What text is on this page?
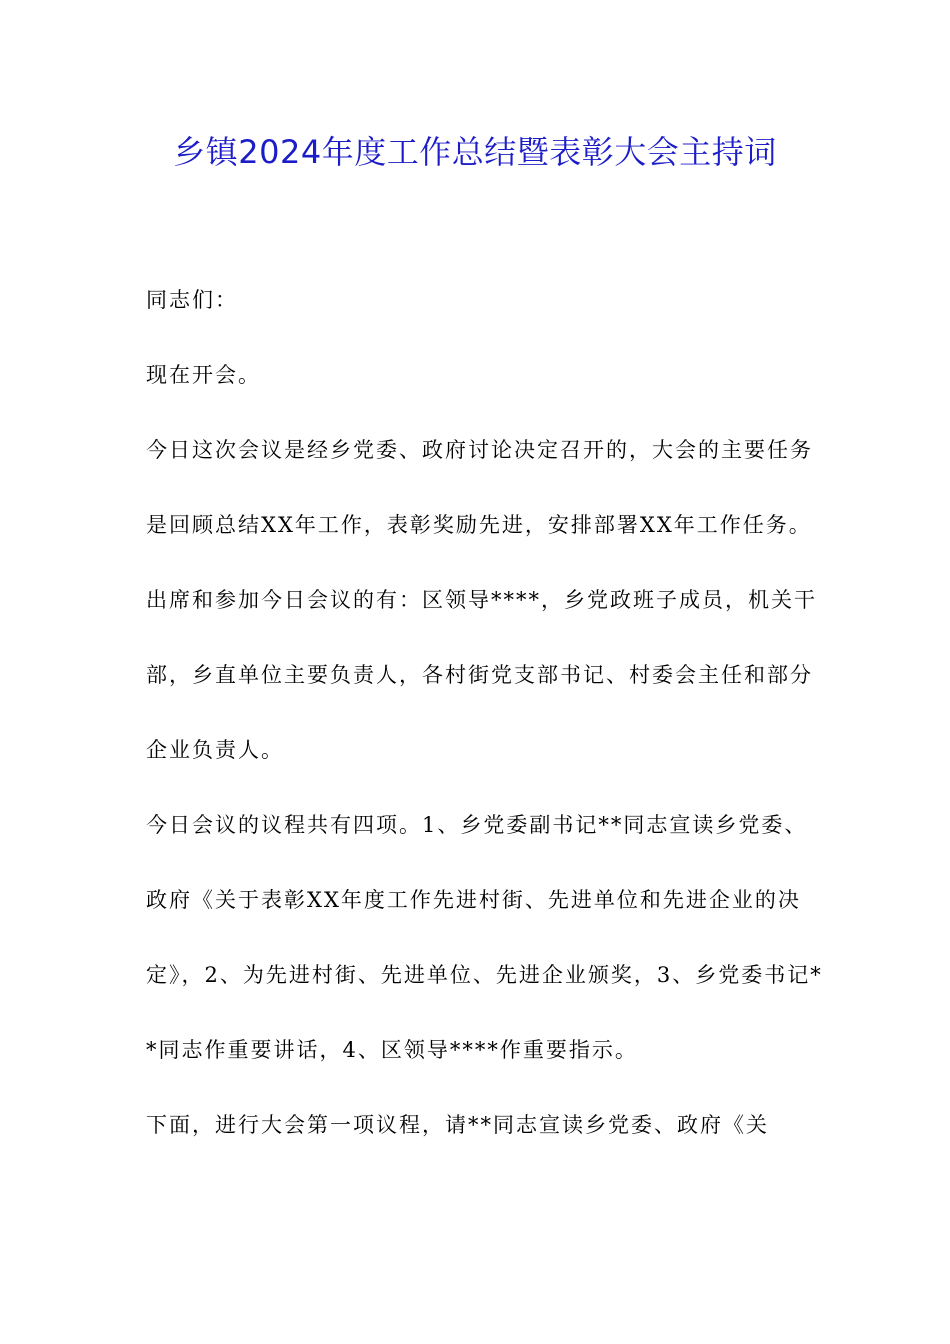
乡镇2024年度工作总结暨表彰大会主持词

同志们：

现在开会。

今日这次会议是经乡党委、政府讨论决定召开的，大会的主要任务是回顾总结XX年工作，表彰奖励先进，安排部署XX年工作任务。

出席和参加今日会议的有：区领导****，乡党政班子成员，机关干部，乡直单位主要负责人，各村街党支部书记、村委会主任和部分企业负责人。

今日会议的议程共有四项。1、乡党委副书记**同志宣读乡党委、政府《关于表彰XX年度工作先进村街、先进单位和先进企业的决定》，2、为先进村街、先进单位、先进企业颁奖，3、乡党委书记**同志作重要讲话，4、区领导****作重要指示。

下面，进行大会第一项议程，请**同志宣读乡党委、政府《关
